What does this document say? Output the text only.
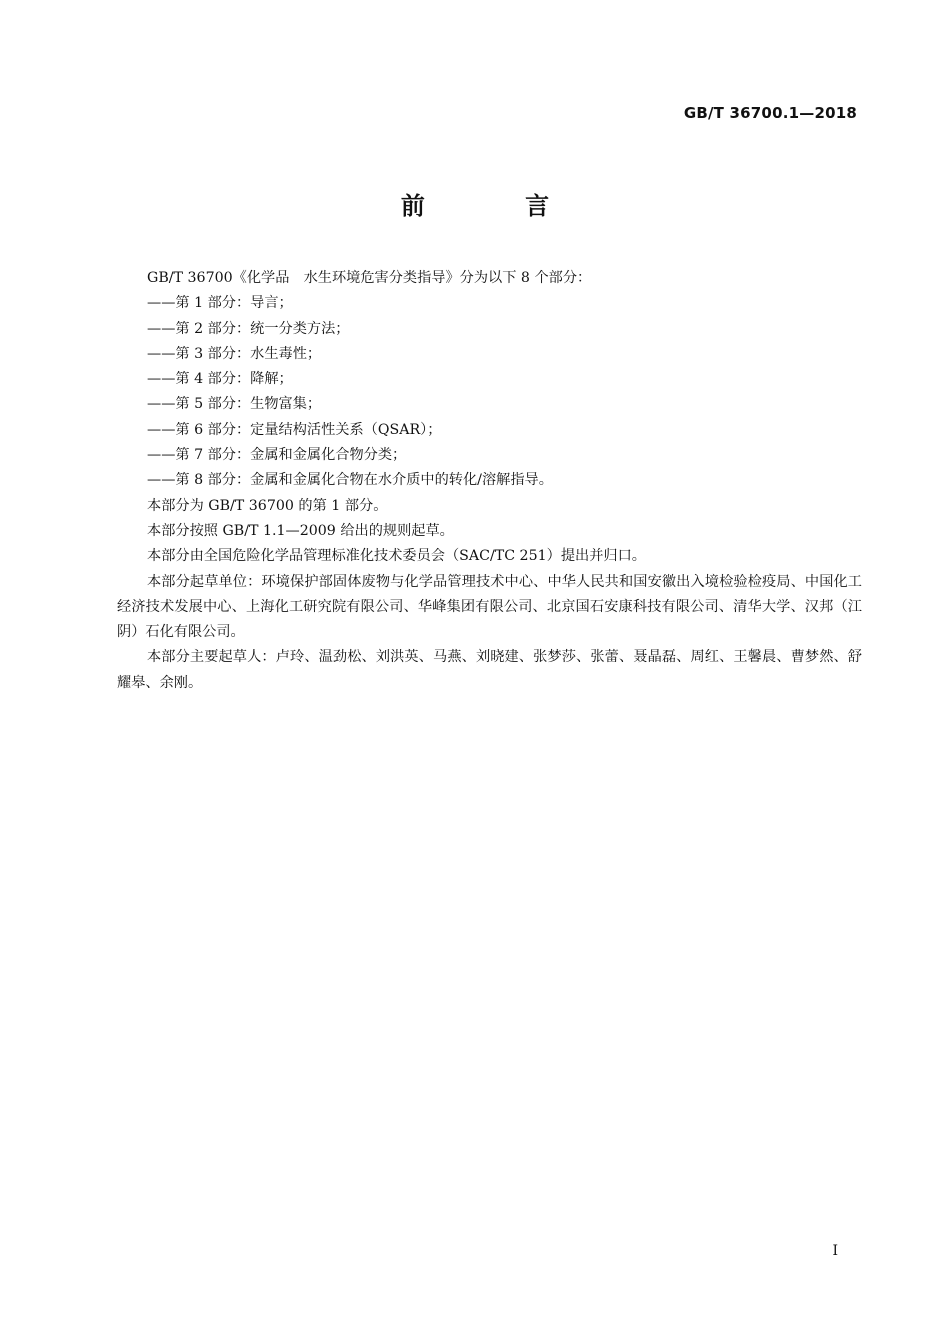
GB/T 36700.1—2018
前 言

GB/T 36700《化学品　水生环境危害分类指导》分为以下 8 个部分：

——第 1 部分：导言；

——第 2 部分：统一分类方法；

——第 3 部分：水生毒性；

——第 4 部分：降解；

——第 5 部分：生物富集；

——第 6 部分：定量结构活性关系（QSAR）；

——第 7 部分：金属和金属化合物分类；

——第 8 部分：金属和金属化合物在水介质中的转化/溶解指导。

本部分为 GB/T 36700 的第 1 部分。

本部分按照 GB/T 1.1—2009 给出的规则起草。

本部分由全国危险化学品管理标准化技术委员会（SAC/TC 251）提出并归口。

本部分起草单位：环境保护部固体废物与化学品管理技术中心、中华人民共和国安徽出入境检验检疫局、中国化工经济技术发展中心、上海化工研究院有限公司、华峰集团有限公司、北京国石安康科技有限公司、清华大学、汉邦（江阴）石化有限公司。

本部分主要起草人：卢玲、温劲松、刘洪英、马燕、刘晓建、张梦莎、张蕾、聂晶磊、周红、王馨晨、曹梦然、舒耀皋、余刚。

I
